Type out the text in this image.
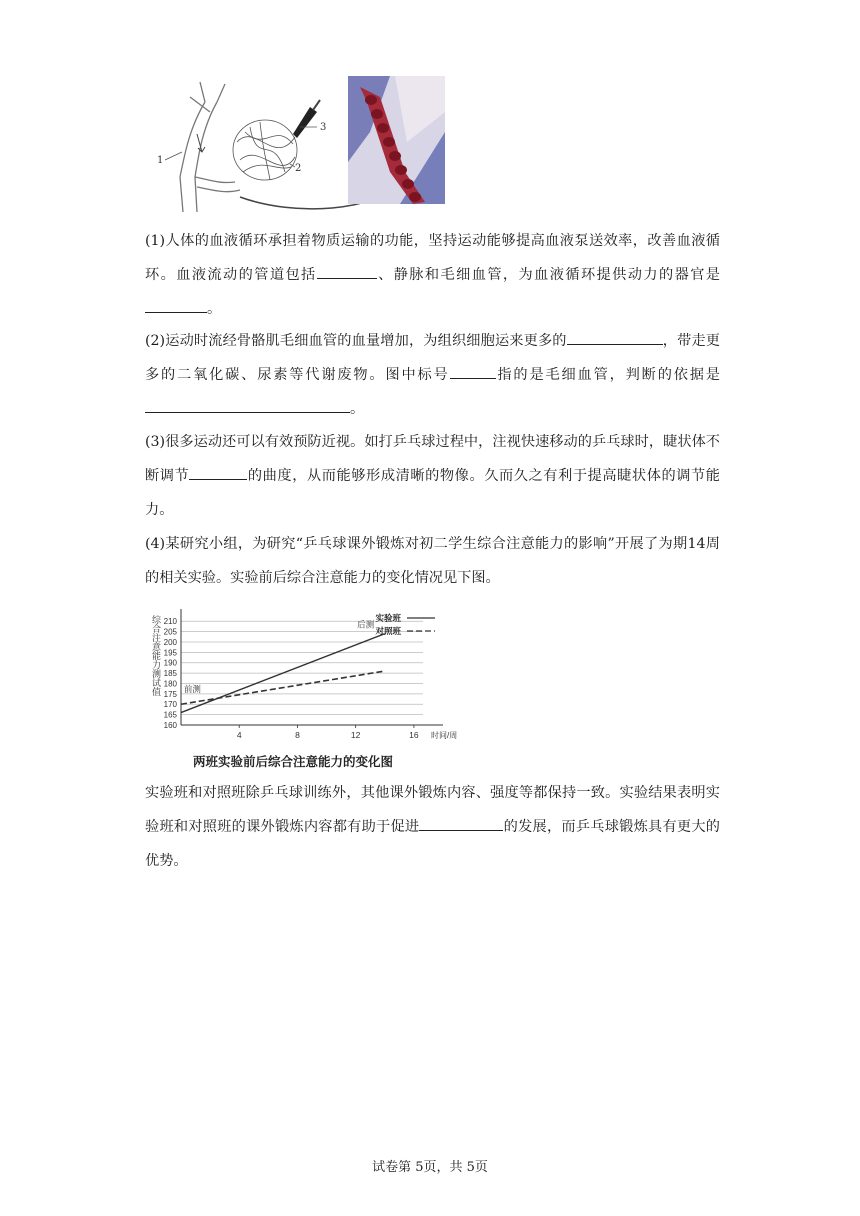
1
2
3

(1)人体的血液循环承担着物质运输的功能，坚持运动能够提高血液泵送效率，改善血液循环。血液流动的管道包括	、静脉和毛细血管，为血液循环提供动力的器官是。

(2)运动时流经骨骼肌毛细血管的血量增加，为组织细胞运来更多的	，带走更多的二氧化碳、尿素等代谢废物。图中标号	指的是毛细血管，判断的依据是。

(3)很多运动还可以有效预防近视。如打乒乓球过程中，注视快速移动的乒乓球时，睫状体不断调节	的曲度，从而能够形成清晰的物像。久而久之有利于提高睫状体的调节能力。

(4)某研究小组，为研究“乒乓球课外锻炼对初二学生综合注意能力的影响”开展了为期14周的相关实验。实验前后综合注意能力的变化情况见下图。

160
165
170
175
180
185
190
195
200
205
210
4	8	12	16 时间/周
综合注意能力测试值	实验班
对照班
后测
前测
两班实验前后综合注意能力的变化图

实验班和对照班除乒乓球训练外，其他课外锻炼内容、强度等都保持一致。实验结果表明实验班和对照班的课外锻炼内容都有助于促进	的发展，而乒乓球锻炼具有更大的优势。

试卷第 5页，共 5页
